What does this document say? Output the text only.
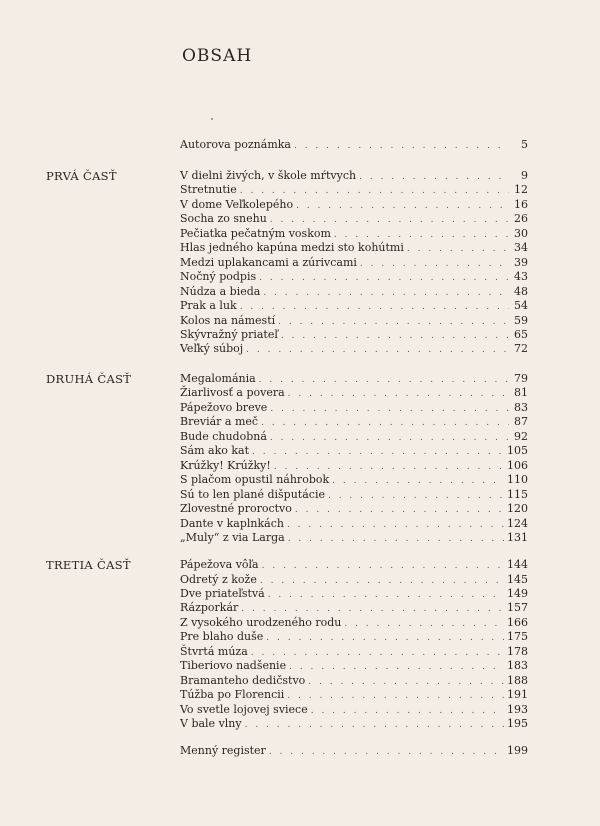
OBSAH
Autorova poznámka . . .	5
PRVÁ ČASŤ	V dielni živých, v škole mŕtvych . . .	9
Stretnutie . . .	12
V dome Veľkolepého . . .	16
Socha zo snehu . . .	26
Pečiatka pečatným voskom . . .	30
Hlas jedného kapúna medzi sto kohútmi . . .	34
Medzi uplakancami a zúrivcami . . .	39
Nočný podpis . . .	43
Núdza a bieda . . .	48
Prak a luk . . .	54
Kolos na námestí . . .	59
Skývražný priateľ . . .	65
Veľký súboj . . .	72
DRUHÁ ČASŤ	Megalománia . . .	79
Žiarlivosť a povera . . .	81
Pápežovo breve . . .	83
Breviár a meč . . .	87
Bude chudobná . . .	92
Sám ako kat . . .	105
Krúžky! Krúžky! . . .	106
S plačom opustil náhrobok . . .	110
Sú to len plané dišputácie . . .	115
Zlovestné proroctvo . . .	120
Dante v kaplnkách . . .	124
„Muly“ z via Larga . . .	131
TRETIA ČASŤ	Pápežova vôľa . . .	144
Odretý z kože . . .	145
Dve priateľstvá . . .	149
Rázporkár . . .	157
Z vysokého urodzeného rodu . . .	166
Pre blaho duše . . .	175
Štvrtá múza . . .	178
Tiberiovo nadšenie . . .	183
Bramanteho dedičstvo . . .	188
Túžba po Florencii . . .	191
Vo svetle lojovej sviece . . .	193
V bale vlny . . .	195
Menný register . . .	199
